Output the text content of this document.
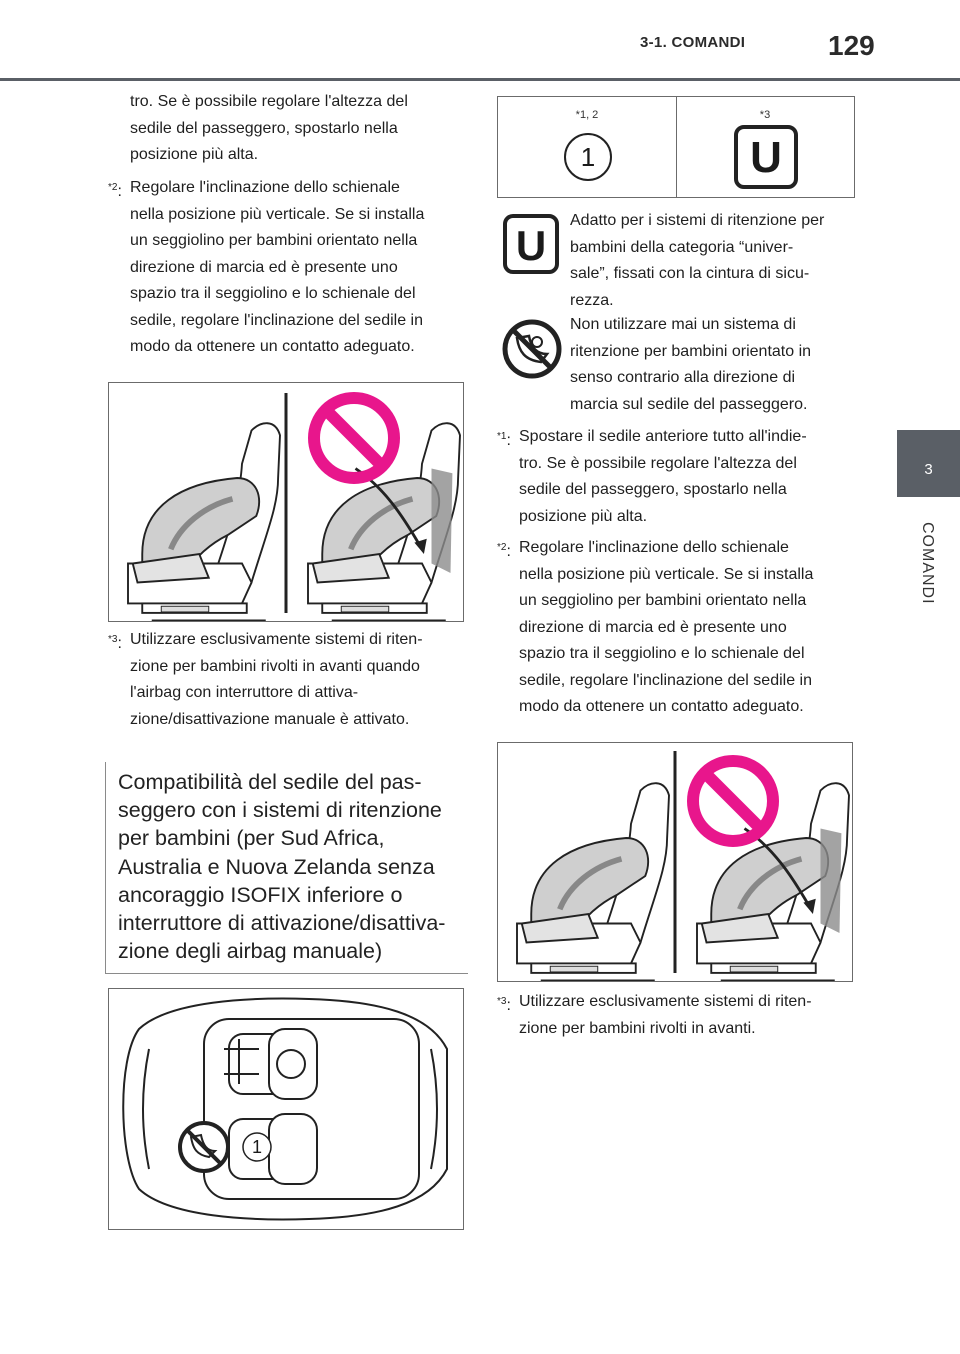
3-1. COMANDI	129
3
COMANDI
tro. Se è possibile regolare l'altezza del
sedile del passeggero, spostarlo nella
posizione più alta.
$^{*2}$: Regolare l'inclinazione dello schienale
nella posizione più verticale. Se si installa
un seggiolino per bambini orientato nella
direzione di marcia ed è presente uno
spazio tra il seggiolino e lo schienale del
sedile, regolare l'inclinazione del sedile in
modo da ottenere un contatto adeguato.
$^{*3}$: Utilizzare esclusivamente sistemi di riten-
zione per bambini rivolti in avanti quando
l'airbag con interruttore di attiva-
zione/disattivazione manuale è attivato.
Compatibilità del sedile del pas-
seggero con i sistemi di ritenzione
per bambini (per Sud Africa,
Australia e Nuova Zelanda senza
ancoraggio ISOFIX inferiore o
interruttore di attivazione/disattiva-
zione degli airbag manuale)
1
*1, 2
1
*3
U
U
Adatto per i sistemi di ritenzione per
bambini della categoria “univer-
sale”, fissati con la cintura di sicu-
rezza.
Non utilizzare mai un sistema di
ritenzione per bambini orientato in
senso contrario alla direzione di
marcia sul sedile del passeggero.
$^{*1}$: Spostare il sedile anteriore tutto all'indie-
tro. Se è possibile regolare l'altezza del
sedile del passeggero, spostarlo nella
posizione più alta.
$^{*2}$: Regolare l'inclinazione dello schienale
nella posizione più verticale. Se si installa
un seggiolino per bambini orientato nella
direzione di marcia ed è presente uno
spazio tra il seggiolino e lo schienale del
sedile, regolare l'inclinazione del sedile in
modo da ottenere un contatto adeguato.
$^{*3}$: Utilizzare esclusivamente sistemi di riten-
zione per bambini rivolti in avanti.
